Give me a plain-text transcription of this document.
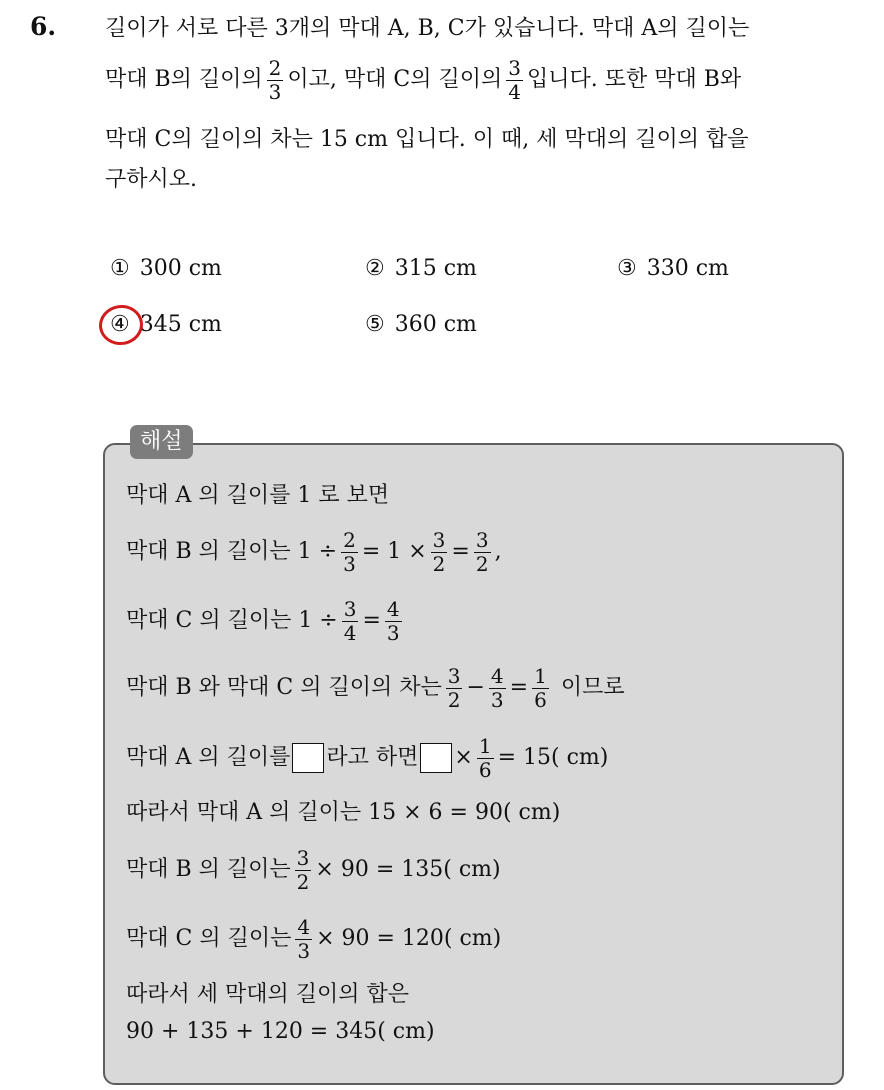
6. 길이가 서로 다른 3개의 막대 A, B, C가 있습니다. 막대 A의 길이는
막대 B의 길이의 $\frac{2}{3}$ 이고, 막대 C의 길이의 $\frac{3}{4}$ 입니다. 또한 막대 B와
막대 C의 길이의 차는 15 cm 입니다. 이 때, 세 막대의 길이의 합을
구하시오.
① 300 cm	② 315 cm	③ 330 cm
④ 345 cm	⑤ 360 cm
해설
막대 A 의 길이를 1 로 보면
막대 B 의 길이는 $1 \div \frac{2}{3} = 1 \times \frac{3}{2} = \frac{3}{2}$ ,
막대 C 의 길이는 $1 \div \frac{3}{4} = \frac{4}{3}$
막대 B 와 막대 C 의 길이의 차는 $\frac{3}{2} - \frac{4}{3} = \frac{1}{6}$ 이므로
막대 A 의 길이를 라고 하면 × $\frac{1}{6} = 15$( cm)
따라서 막대 A 의 길이는 15 × 6 = 90( cm)
막대 B 의 길이는 $\frac{3}{2} \times 90 = 135$( cm)
막대 C 의 길이는 $\frac{4}{3} \times 90 = 120$( cm)
따라서 세 막대의 길이의 합은
90 + 135 + 120 = 345( cm)
